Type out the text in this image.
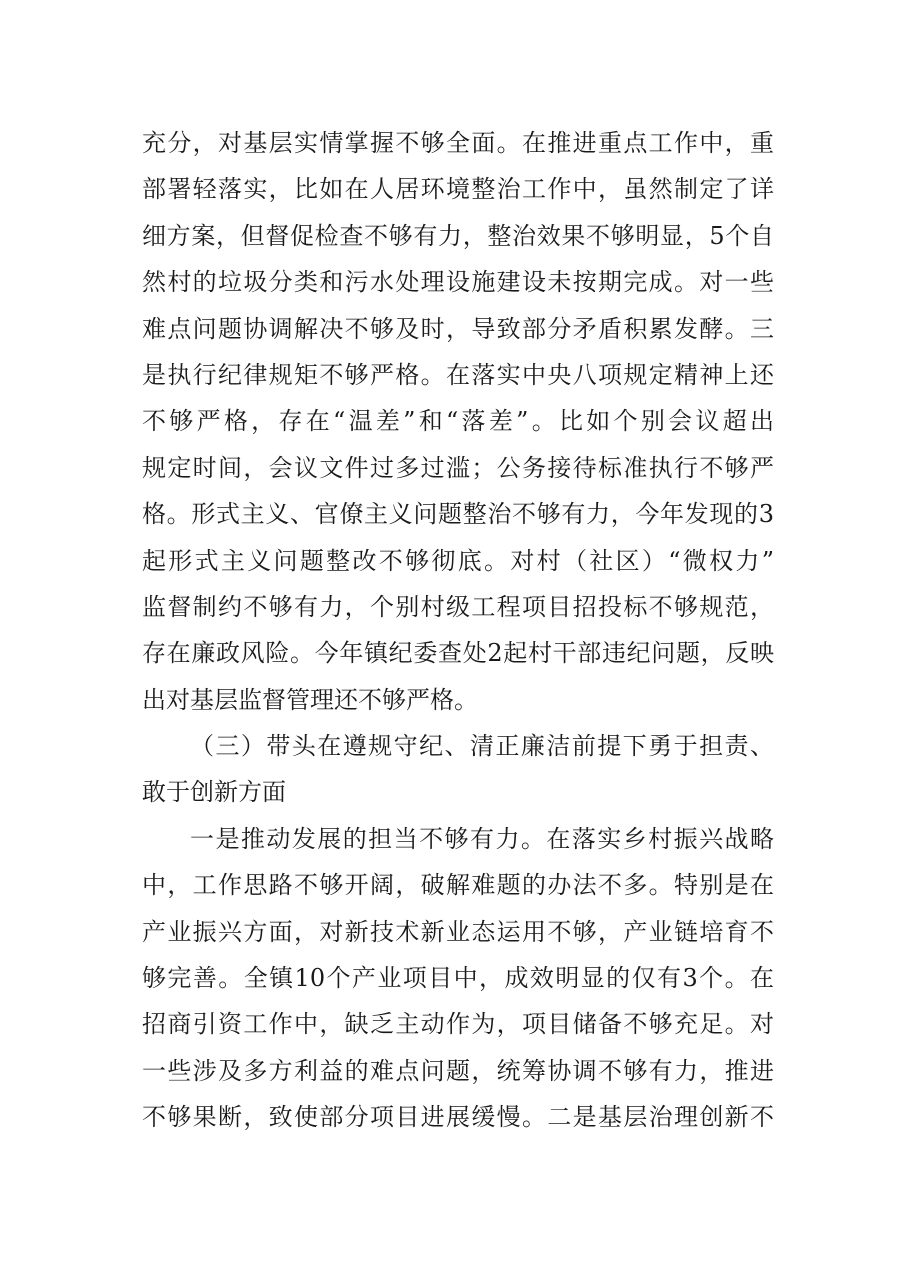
充分，对基层实情掌握不够全面。在推进重点工作中，重
部署轻落实，比如在人居环境整治工作中，虽然制定了详
细方案，但督促检查不够有力，整治效果不够明显，5个自
然村的垃圾分类和污水处理设施建设未按期完成。对一些
难点问题协调解决不够及时，导致部分矛盾积累发酵。三
是执行纪律规矩不够严格。在落实中央八项规定精神上还
不够严格，存在“温差”和“落差”。比如个别会议超出
规定时间，会议文件过多过滥；公务接待标准执行不够严
格。形式主义、官僚主义问题整治不够有力，今年发现的3
起形式主义问题整改不够彻底。对村（社区）“微权力”
监督制约不够有力，个别村级工程项目招投标不够规范，
存在廉政风险。今年镇纪委查处2起村干部违纪问题，反映
出对基层监督管理还不够严格。
（三）带头在遵规守纪、清正廉洁前提下勇于担责、
敢于创新方面
一是推动发展的担当不够有力。在落实乡村振兴战略
中，工作思路不够开阔，破解难题的办法不多。特别是在
产业振兴方面，对新技术新业态运用不够，产业链培育不
够完善。全镇10个产业项目中，成效明显的仅有3个。在
招商引资工作中，缺乏主动作为，项目储备不够充足。对
一些涉及多方利益的难点问题，统筹协调不够有力，推进
不够果断，致使部分项目进展缓慢。二是基层治理创新不
